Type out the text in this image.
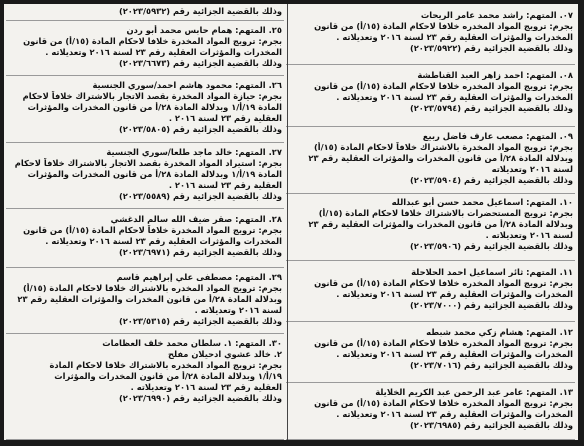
٠٧. المتهم: راشد محمد عامر الريحات
بجرم: ترويج المواد المخدره خلافا لاحكام المادة (١٥/أ) من قانون
المخدرات والمؤثرات العقلية رقم ٢٣ لسنة ٢٠١٦ وتعديلاته .
وذلك بالقضية الجزائية رقم (٢٠٢٣/٥٩٢٢)
٠٨. المتهم: احمد زاهر العبد القناطشة
بجرم: ترويج المواد المخدره خلافا لاحكام المادة (١٥/أ) من قانون
المخدرات والمؤثرات العقلية رقم ٢٣ لسنة ٢٠١٦ وتعديلاته .
وذلك بالقضية الجزائية رقم (٢٠٢٣/٥٧٩٤)
٠٩. المتهم: مصعب عارف فاضل ربيع
بجرم: ترويج المواد المخدرة بالاشتراك خلافاً لاحكام المادة (١٥/أ)
وبدلالة المادة ٢٨/أ من قانون المخدرات والمؤثرات العقلية رقم ٢٣
لسنة ٢٠١٦ وتعديلاته
وذلك بالقضية الجزائية رقم (٢٠٢٣/٥٩٠٤)
١٠. المتهم: اسماعيل محمد حسن أبو عبدالله
بجرم: ترويج المستحضرات بالاشتراك خلافا لاحكام المادة (١٥/أ)
وبدلالة المادة ٢٨/أ من قانون المخدرات والمؤثرات العقلية رقم ٢٣
لسنة ٢٠١٦ وتعديلاته .
وذلك بالقضية الجزائية رقم (٢٠٢٣/٥٩٠٦)
١١. المتهم: ثائر اسماعيل احمد الحلاحلة
بجرم: ترويج المواد المخدره خلافا لاحكام المادة (١٥/أ) من قانون
المخدرات والمؤثرات العقلية رقم ٢٣ لسنة ٢٠١٦ وتعديلاته .
وذلك بالقضية الجزائية رقم (٢٠٢٣/٧٠٠٠)
١٢. المتهم: هشام زكي محمد شبطه
بجرم: ترويج المواد المخدره خلافا لاحكام المادة (١٥/أ) من قانون
المخدرات والمؤثرات العقلية رقم ٢٣ لسنة ٢٠١٦ وتعديلاته .
وذلك بالقضية الجزائية رقم (٢٠٢٣/٧٠١٦)
١٣. المتهم: عامر عبد الرحمن عبد الكريم الخلايلة
بجرم: ترويج المواد المخدره خلافا لاحكام المادة (١٥/أ) من قانون
المخدرات والمؤثرات العقلية رقم ٢٣ لسنة ٢٠١٦ وتعديلاته .
وذلك بالقضية الجزائية رقم (٢٠٢٣/٦٩٨٥)
وذلك بالقضية الجزائية رقم (٢٠٢٣/٥٩٣٢)
٢٥. المتهم: همام حابس محمد أبو ردن
بجرم: ترويج المواد المخدرة خلافا لاحكام المادة (١٥/أ) من قانون
المخدرات والمؤثرات العقلية رقم ٢٣ لسنة ٢٠١٦ وتعديلاته .
وذلك بالقضية الجزائية رقم (٢٠٢٣/٦٦٧٣)
٢٦. المتهم: محمود هاشم احمد/سوري الجنسية
بجرم: حيازة المواد المخدرة بقصد الاتجار بالاشتراك خلافاً لاحكام
المادة ١٩/أ/١ وبدلالة المادة ٢٨/أ من قانون المخدرات والمؤثرات
العقلية رقم ٢٣ لسنة ٢٠١٦ .
وذلك بالقضية الجزائية رقم (٢٠٢٣/٥٨٠٥)
٢٧. المتهم: خالد ماجد طلعا/سوري الجنسية
بجرم: استيراد المواد المخدرة بقصد الاتجار بالاشتراك خلافاً لاحكام
المادة ١٩/أ/١ وبدلالة المادة ٢٨/أ من قانون المخدرات والمؤثرات
العقلية رقم ٢٣ لسنة ٢٠١٦ .
وذلك بالقضية الجزائية رقم (٢٠٢٣/٥٥٨٩)
٢٨. المتهم: صقر ضيف الله سالم الدغشي
بجرم: ترويج المواد المخدرة خلافاً لاحكام المادة (١٥/أ) من قانون
المخدرات والمؤثرات العقلية رقم ٢٣ لسنة ٢٠١٦ وتعديلاته .
وذلك بالقضية الجزائية رقم (٢٠٢٣/٦٩٧١)
٢٩. المتهم: مصطفى علي إبراهيم قاسم
بجرم: ترويج المواد المخدره بالاشتراك خلافا لاحكام المادة (١٥/أ)
وبدلالة المادة ٢٨/أ من قانون المخدرات والمؤثرات العقلية رقم ٢٣
لسنة ٢٠١٦ وتعديلاته .
وذلك بالقضية الجزائية رقم (٢٠٢٣/٥٣١٥)
٣٠. المتهم: ١. سلطان محمد خلف العظامات
٢. خالد عشوي ادحيلان مفلح
بجرم: ترويج المواد المخدره بالاشتراك خلافا لاحكام المادة
١٩/أ/١ وبدلالة المادة ٢٨/أ من قانون المخدرات والمؤثرات
العقلية رقم ٢٣ لسنة ٢٠١٦ وتعديلاته .
وذلك بالقضية الجزائية رقم (٢٠٢٣/٦٩٩٠)
